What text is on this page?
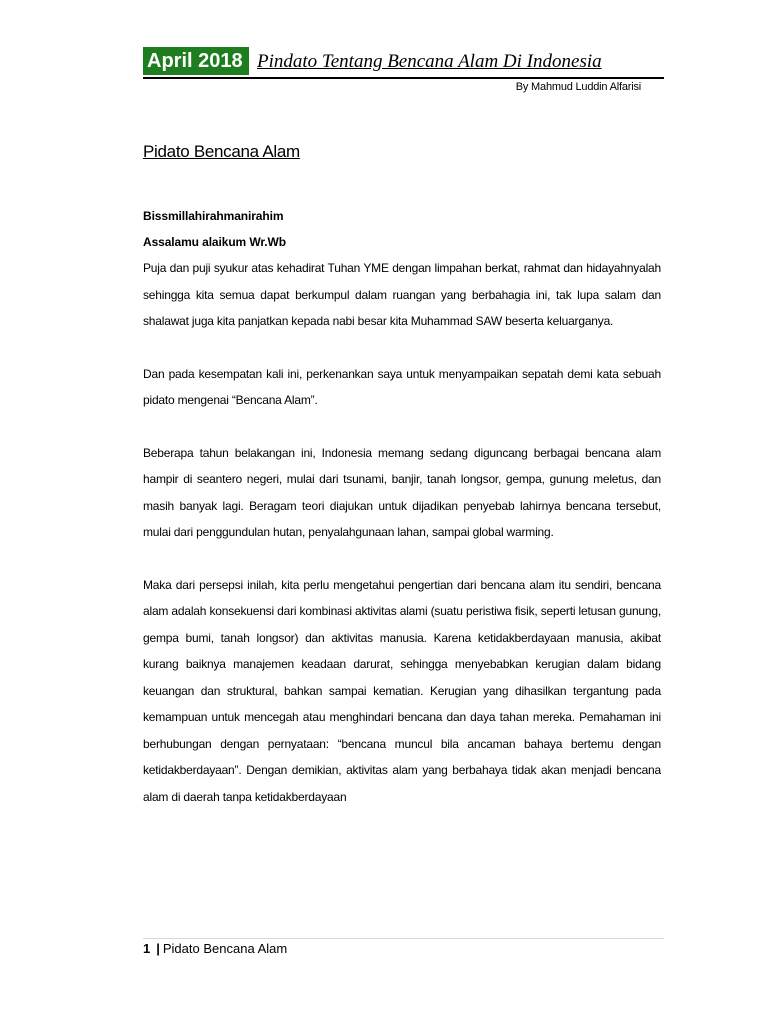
April 2018 Pindato Tentang Bencana Alam Di Indonesia
By Mahmud Luddin Alfarisi
Pidato Bencana Alam

Bissmillahirahmanirahim

Assalamu alaikum Wr.Wb

Puja dan puji syukur atas kehadirat Tuhan YME dengan limpahan berkat, rahmat dan hidayahnyalah sehingga kita semua dapat berkumpul dalam ruangan yang berbahagia ini, tak lupa salam dan shalawat juga kita panjatkan kepada nabi besar kita Muhammad SAW beserta keluarganya.

Dan pada kesempatan kali ini, perkenankan saya untuk menyampaikan sepatah demi kata sebuah pidato mengenai “Bencana Alam”.

Beberapa tahun belakangan ini, Indonesia memang sedang diguncang berbagai bencana alam hampir di seantero negeri, mulai dari tsunami, banjir, tanah longsor, gempa, gunung meletus, dan masih banyak lagi. Beragam teori diajukan untuk dijadikan penyebab lahirnya bencana tersebut, mulai dari penggundulan hutan, penyalahgunaan lahan, sampai global warming.

Maka dari persepsi inilah, kita perlu mengetahui pengertian dari bencana alam itu sendiri, bencana alam adalah konsekuensi dari kombinasi aktivitas alami (suatu peristiwa fisik, seperti letusan gunung, gempa bumi, tanah longsor) dan aktivitas manusia. Karena ketidakberdayaan manusia, akibat kurang baiknya manajemen keadaan darurat, sehingga menyebabkan kerugian dalam bidang keuangan dan struktural, bahkan sampai kematian. Kerugian yang dihasilkan tergantung pada kemampuan untuk mencegah atau menghindari bencana dan daya tahan mereka. Pemahaman ini berhubungan dengan pernyataan: “bencana muncul bila ancaman bahaya bertemu dengan ketidakberdayaan”. Dengan demikian, aktivitas alam yang berbahaya tidak akan menjadi bencana alam di daerah tanpa ketidakberdayaan

1 | Pidato Bencana Alam
